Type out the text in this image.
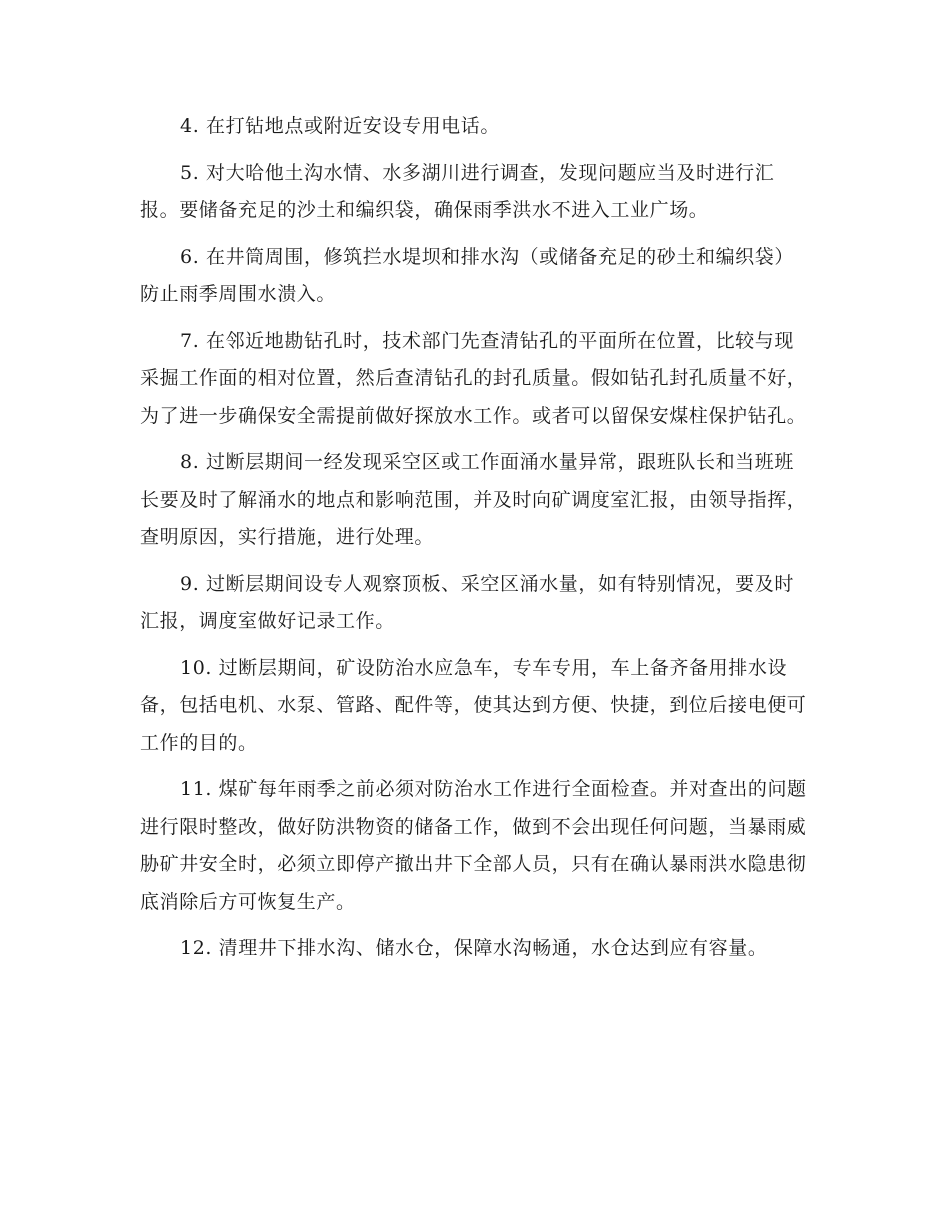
4. 在打钻地点或附近安设专用电话。

5. 对大哈他土沟水情、水多湖川进行调查，发现问题应当及时进行汇报。要储备充足的沙土和编织袋，确保雨季洪水不进入工业广场。

6. 在井筒周围，修筑拦水堤坝和排水沟（或储备充足的砂土和编织袋）防止雨季周围水溃入。

7. 在邻近地勘钻孔时，技术部门先查清钻孔的平面所在位置，比较与现采掘工作面的相对位置，然后查清钻孔的封孔质量。假如钻孔封孔质量不好，为了进一步确保安全需提前做好探放水工作。或者可以留保安煤柱保护钻孔。

8. 过断层期间一经发现采空区或工作面涌水量异常，跟班队长和当班班长要及时了解涌水的地点和影响范围，并及时向矿调度室汇报，由领导指挥，查明原因，实行措施，进行处理。

9. 过断层期间设专人观察顶板、采空区涌水量，如有特别情况，要及时汇报，调度室做好记录工作。

10. 过断层期间，矿设防治水应急车，专车专用，车上备齐备用排水设备，包括电机、水泵、管路、配件等，使其达到方便、快捷，到位后接电便可工作的目的。

11. 煤矿每年雨季之前必须对防治水工作进行全面检查。并对查出的问题进行限时整改，做好防洪物资的储备工作，做到不会出现任何问题，当暴雨威胁矿井安全时，必须立即停产撤出井下全部人员，只有在确认暴雨洪水隐患彻底消除后方可恢复生产。

12. 清理井下排水沟、储水仓，保障水沟畅通，水仓达到应有容量。
